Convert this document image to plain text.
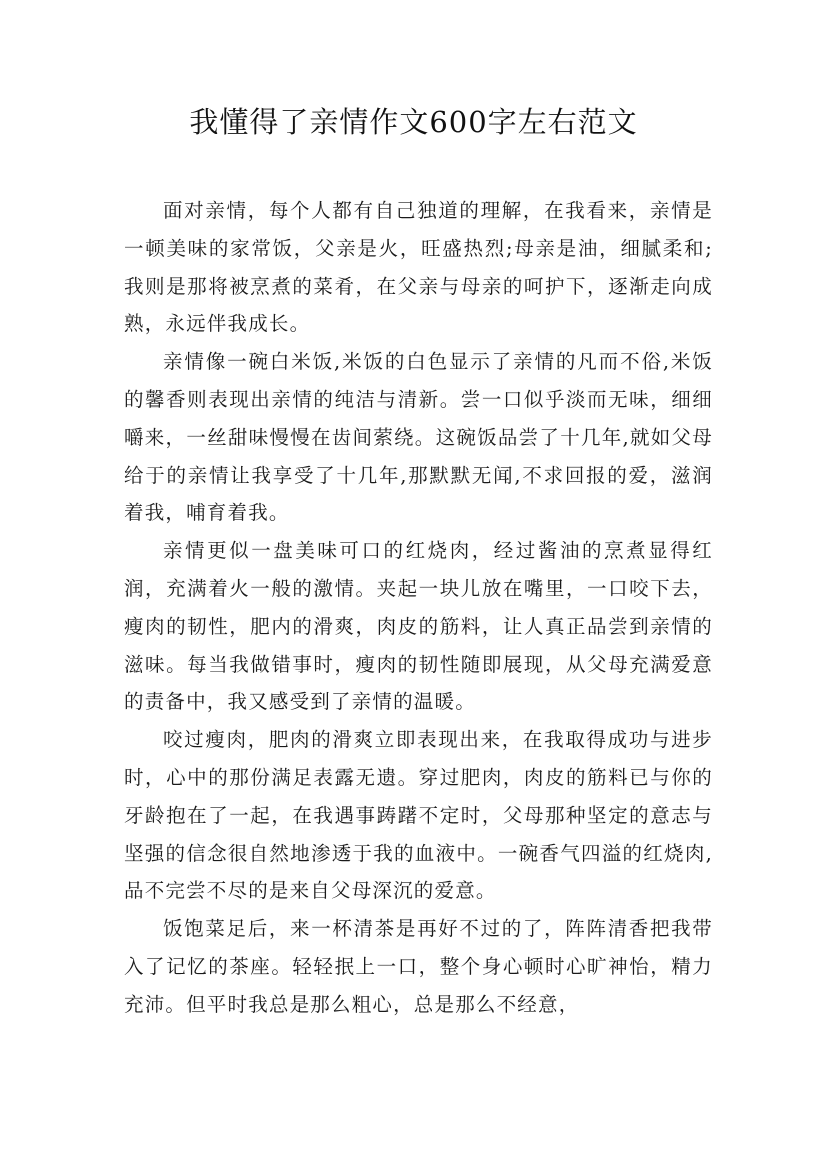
我懂得了亲情作文600字左右范文

面对亲情，每个人都有自己独道的理解，在我看来，亲情是一顿美味的家常饭，父亲是火，旺盛热烈;母亲是油，细腻柔和;我则是那将被烹煮的菜肴，在父亲与母亲的呵护下，逐渐走向成熟，永远伴我成长。

亲情像一碗白米饭,米饭的白色显示了亲情的凡而不俗,米饭的馨香则表现出亲情的纯洁与清新。尝一口似乎淡而无味，细细嚼来，一丝甜味慢慢在齿间萦绕。这碗饭品尝了十几年,就如父母给于的亲情让我享受了十几年,那默默无闻,不求回报的爱，滋润着我，哺育着我。

亲情更似一盘美味可口的红烧肉，经过酱油的烹煮显得红润，充满着火一般的激情。夹起一块儿放在嘴里，一口咬下去，瘦肉的韧性，肥内的滑爽，肉皮的筋料，让人真正品尝到亲情的滋味。每当我做错事时，瘦肉的韧性随即展现，从父母充满爱意的责备中，我又感受到了亲情的温暖。

咬过瘦肉，肥肉的滑爽立即表现出来，在我取得成功与进步时，心中的那份满足表露无遗。穿过肥肉，肉皮的筋料已与你的牙龄抱在了一起，在我遇事踌躇不定时，父母那种坚定的意志与坚强的信念很自然地渗透于我的血液中。一碗香气四溢的红烧肉,品不完尝不尽的是来自父母深沉的爱意。

饭饱菜足后，来一杯清茶是再好不过的了，阵阵清香把我带入了记忆的茶座。轻轻抿上一口，整个身心顿时心旷神怡，精力充沛。但平时我总是那么粗心，总是那么不经意，
